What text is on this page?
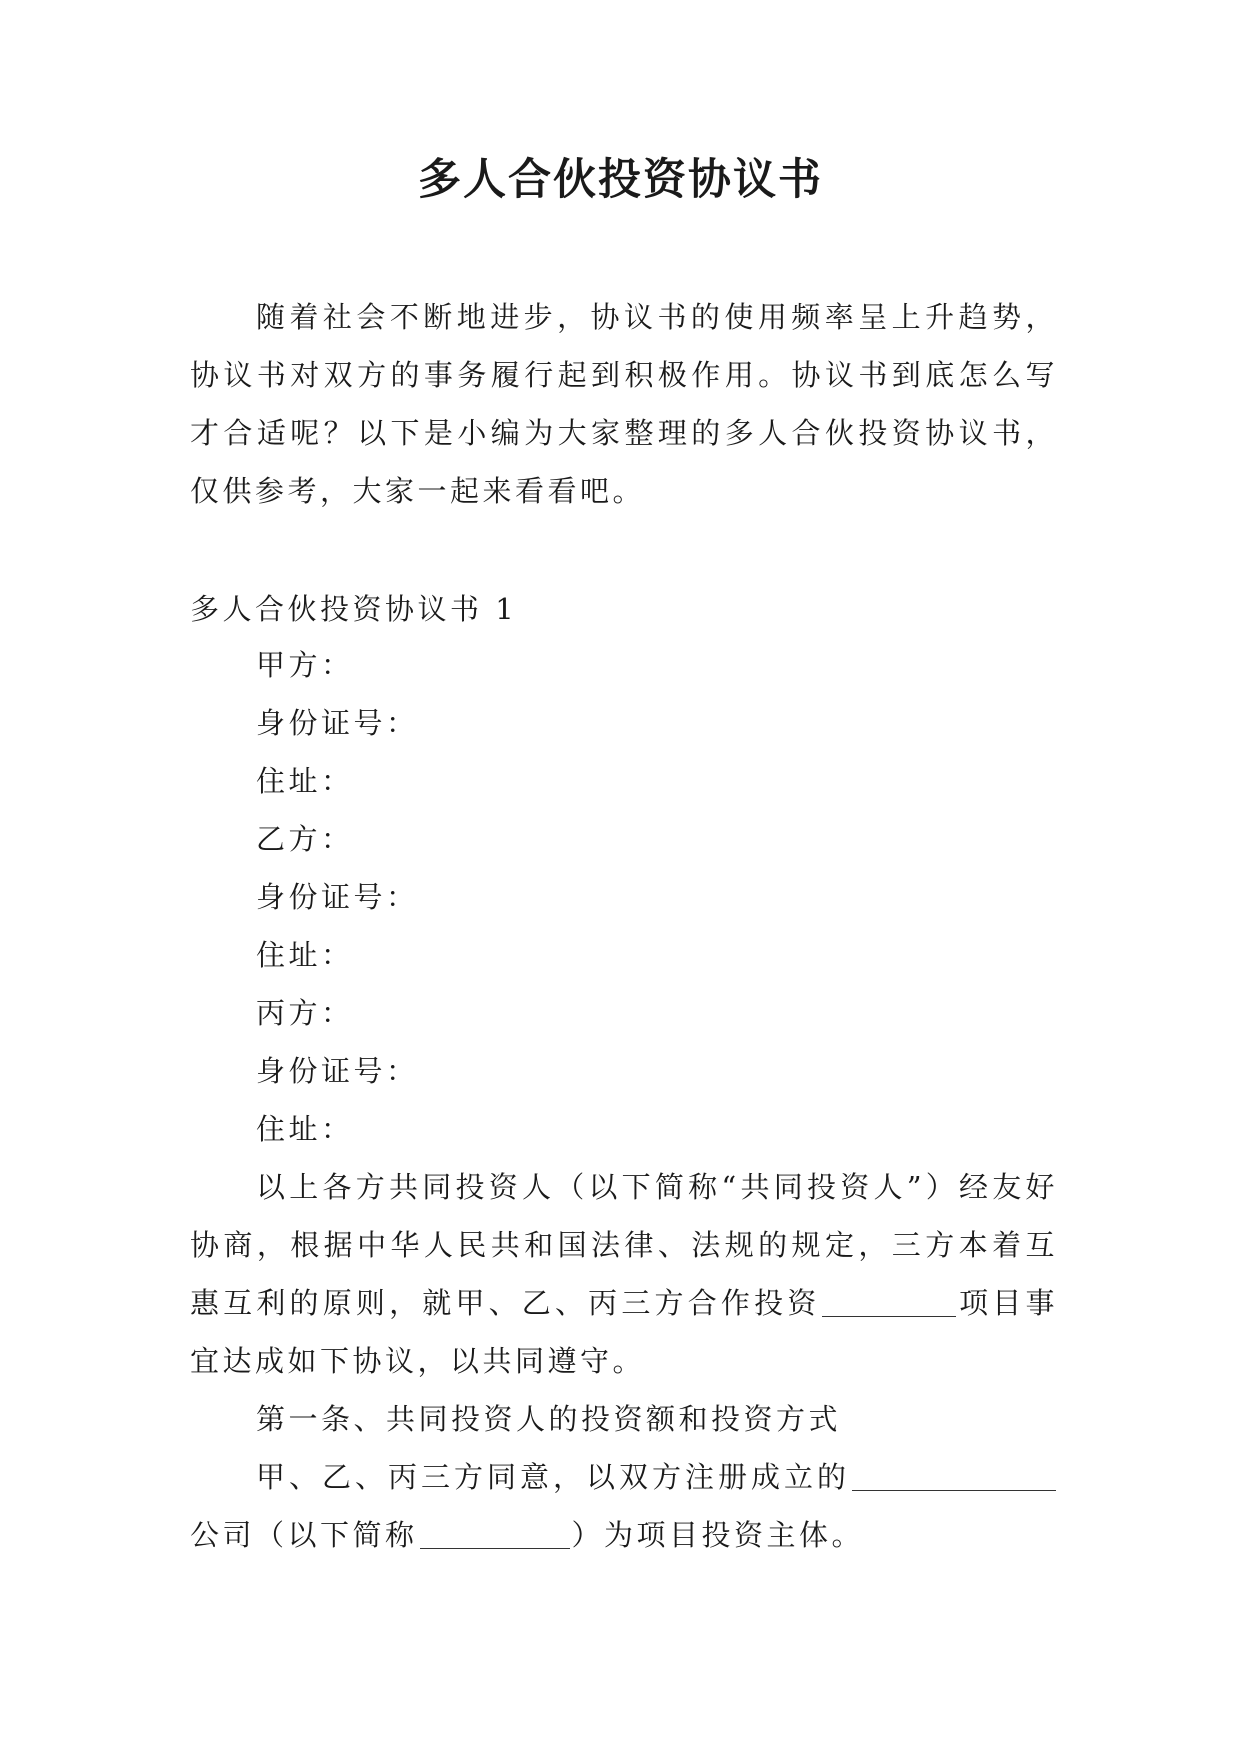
多人合伙投资协议书

随着社会不断地进步，协议书的使用频率呈上升趋势，协议书对双方的事务履行起到积极作用。协议书到底怎么写才合适呢？以下是小编为大家整理的多人合伙投资协议书，仅供参考，大家一起来看看吧。

多人合伙投资协议书 1
甲方：
身份证号：
住址：
乙方：
身份证号：
住址：
丙方：
身份证号：
住址：

以上各方共同投资人（以下简称“共同投资人”）经友好协商，根据中华人民共和国法律、法规的规定，三方本着互惠互利的原则，就甲、乙、丙三方合作投资	项目事宜达成如下协议，以共同遵守。

第一条、共同投资人的投资额和投资方式

甲、乙、丙三方同意，以双方注册成立的公司（以下简称	）为项目投资主体。
